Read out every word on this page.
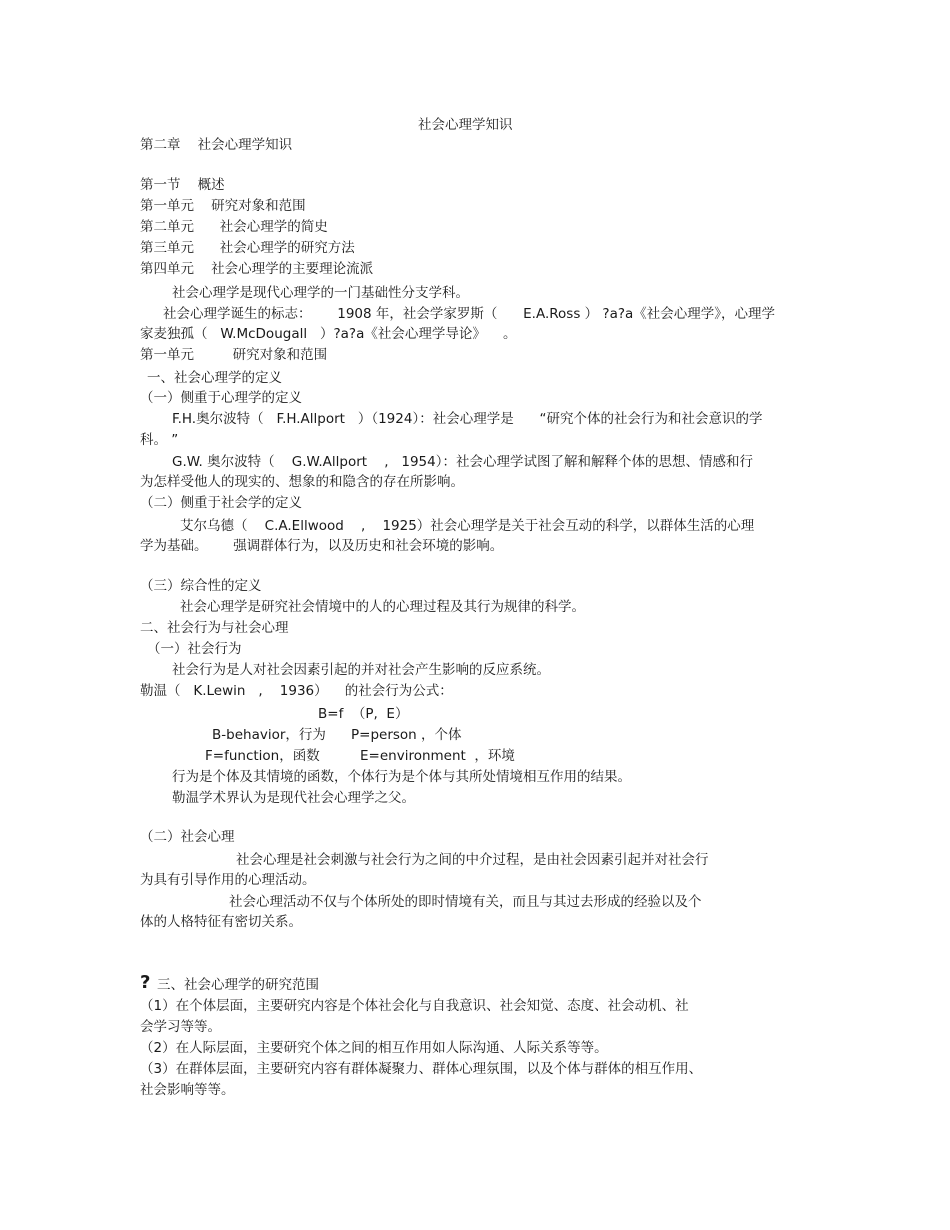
社会心理学知识
第二章    社会心理学知识
第一节    概述
第一单元    研究对象和范围
第二单元      社会心理学的简史
第三单元      社会心理学的研究方法
第四单元    社会心理学的主要理论流派
社会心理学是现代心理学的一门基础性分支学科。
社会心理学诞生的标志：      1908 年，社会学家罗斯（      E.A.Ross ） ?a?a《社会心理学》，心理学
家麦独孤（   W.McDougall   ）?a?a《社会心理学导论》    。
第一单元         研究对象和范围
一、社会心理学的定义
（一）侧重于心理学的定义
F.H.奥尔波特（   F.H.Allport   ）（1924）：社会心理学是      “研究个体的社会行为和社会意识的学
科。 ”
G.W. 奥尔波特（    G.W.Allport    ,   1954）：社会心理学试图了解和解释个体的思想、情感和行
为怎样受他人的现实的、想象的和隐含的存在所影响。
（二）侧重于社会学的定义
艾尔乌德（    C.A.Ellwood    ,    1925）社会心理学是关于社会互动的科学，以群体生活的心理
学为基础。      强调群体行为，以及历史和社会环境的影响。
（三）综合性的定义
社会心理学是研究社会情境中的人的心理过程及其行为规律的科学。
二、社会行为与社会心理
（一）社会行为
社会行为是人对社会因素引起的并对社会产生影响的反应系统。
勒温（   K.Lewin   ,    1936）    的社会行为公式：
B=f  （P,  E）
B-behavior，行为 P=person ，个体
F=function，函数	E=environment  ，环境
行为是个体及其情境的函数，个体行为是个体与其所处情境相互作用的结果。
勒温学术界认为是现代社会心理学之父。
（二）社会心理
社会心理是社会刺激与社会行为之间的中介过程，是由社会因素引起并对社会行
为具有引导作用的心理活动。
社会心理活动不仅与个体所处的即时情境有关，而且与其过去形成的经验以及个
体的人格特征有密切关系。
? 三、社会心理学的研究范围
（1）在个体层面，主要研究内容是个体社会化与自我意识、社会知觉、态度、社会动机、社
会学习等等。
（2）在人际层面，主要研究个体之间的相互作用如人际沟通、人际关系等等。
（3）在群体层面，主要研究内容有群体凝聚力、群体心理氛围，以及个体与群体的相互作用、
社会影响等等。
